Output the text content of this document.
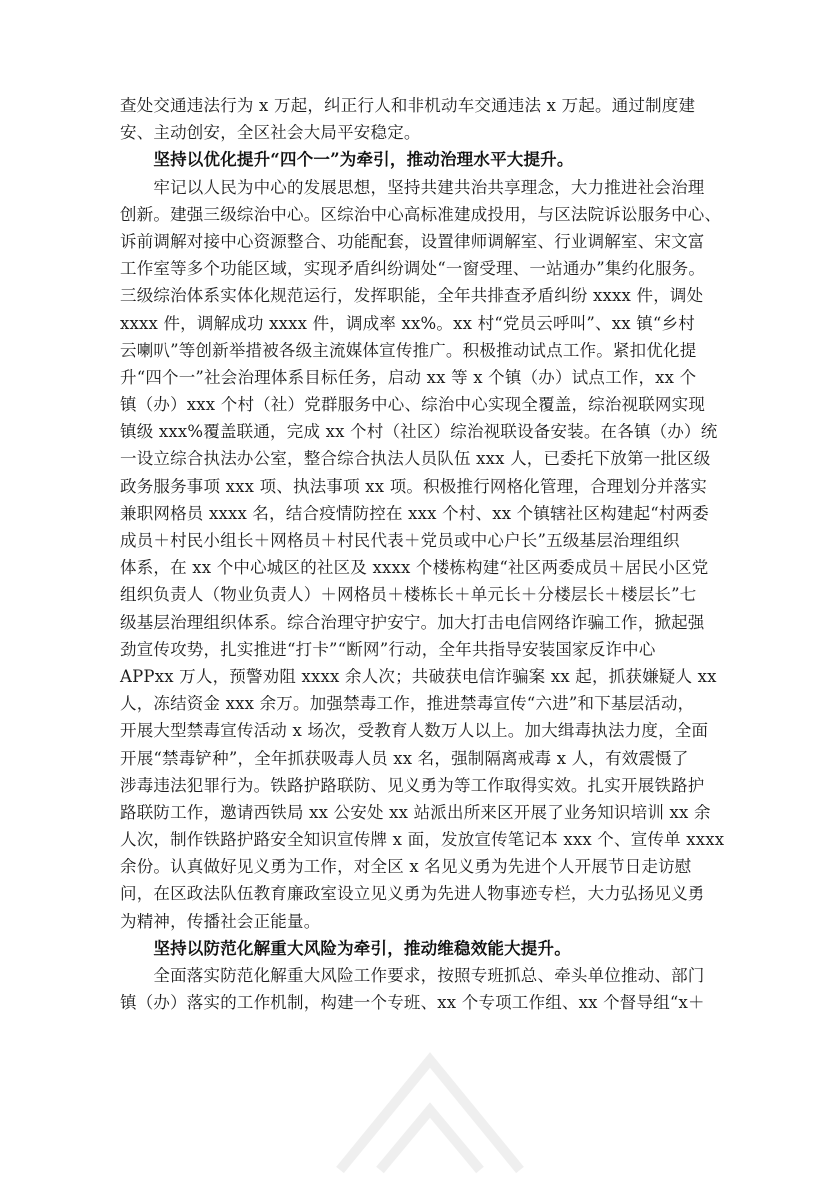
查处交通违法行为 x 万起，纠正行人和非机动车交通违法 x 万起。通过制度建
安、主动创安，全区社会大局平安稳定。
　　坚持以优化提升“四个一”为牵引，推动治理水平大提升。
　　牢记以人民为中心的发展思想，坚持共建共治共享理念，大力推进社会治理
创新。建强三级综治中心。区综治中心高标准建成投用，与区法院诉讼服务中心、
诉前调解对接中心资源整合、功能配套，设置律师调解室、行业调解室、宋文富
工作室等多个功能区域，实现矛盾纠纷调处“一窗受理、一站通办”集约化服务。
三级综治体系实体化规范运行，发挥职能，全年共排查矛盾纠纷 xxxx 件，调处
xxxx 件，调解成功 xxxx 件，调成率 xx%。xx 村“党员云呼叫”、xx 镇“乡村
云喇叭”等创新举措被各级主流媒体宣传推广。积极推动试点工作。紧扣优化提
升“四个一”社会治理体系目标任务，启动 xx 等 x 个镇（办）试点工作，xx 个
镇（办）xxx 个村（社）党群服务中心、综治中心实现全覆盖，综治视联网实现
镇级 xxx%覆盖联通，完成 xx 个村（社区）综治视联设备安装。在各镇（办）统
一设立综合执法办公室，整合综合执法人员队伍 xxx 人，已委托下放第一批区级
政务服务事项 xxx 项、执法事项 xx 项。积极推行网格化管理，合理划分并落实
兼职网格员 xxxx 名，结合疫情防控在 xxx 个村、xx 个镇辖社区构建起“村两委
成员＋村民小组长＋网格员＋村民代表＋党员或中心户长”五级基层治理组织
体系，在 xx 个中心城区的社区及 xxxx 个楼栋构建“社区两委成员＋居民小区党
组织负责人（物业负责人）＋网格员＋楼栋长＋单元长＋分楼层长＋楼层长”七
级基层治理组织体系。综合治理守护安宁。加大打击电信网络诈骗工作，掀起强
劲宣传攻势，扎实推进“打卡”“断网”行动，全年共指导安装国家反诈中心
APPxx 万人，预警劝阻 xxxx 余人次；共破获电信诈骗案 xx 起，抓获嫌疑人 xx
人，冻结资金 xxx 余万。加强禁毒工作，推进禁毒宣传“六进”和下基层活动，
开展大型禁毒宣传活动 x 场次，受教育人数万人以上。加大缉毒执法力度，全面
开展“禁毒铲种”，全年抓获吸毒人员 xx 名，强制隔离戒毒 x 人，有效震慑了
涉毒违法犯罪行为。铁路护路联防、见义勇为等工作取得实效。扎实开展铁路护
路联防工作，邀请西铁局 xx 公安处 xx 站派出所来区开展了业务知识培训 xx 余
人次，制作铁路护路安全知识宣传牌 x 面，发放宣传笔记本 xxx 个、宣传单 xxxx
余份。认真做好见义勇为工作，对全区 x 名见义勇为先进个人开展节日走访慰
问，在区政法队伍教育廉政室设立见义勇为先进人物事迹专栏，大力弘扬见义勇
为精神，传播社会正能量。
　　坚持以防范化解重大风险为牵引，推动维稳效能大提升。
　　全面落实防范化解重大风险工作要求，按照专班抓总、牵头单位推动、部门
镇（办）落实的工作机制，构建一个专班、xx 个专项工作组、xx 个督导组“x＋
